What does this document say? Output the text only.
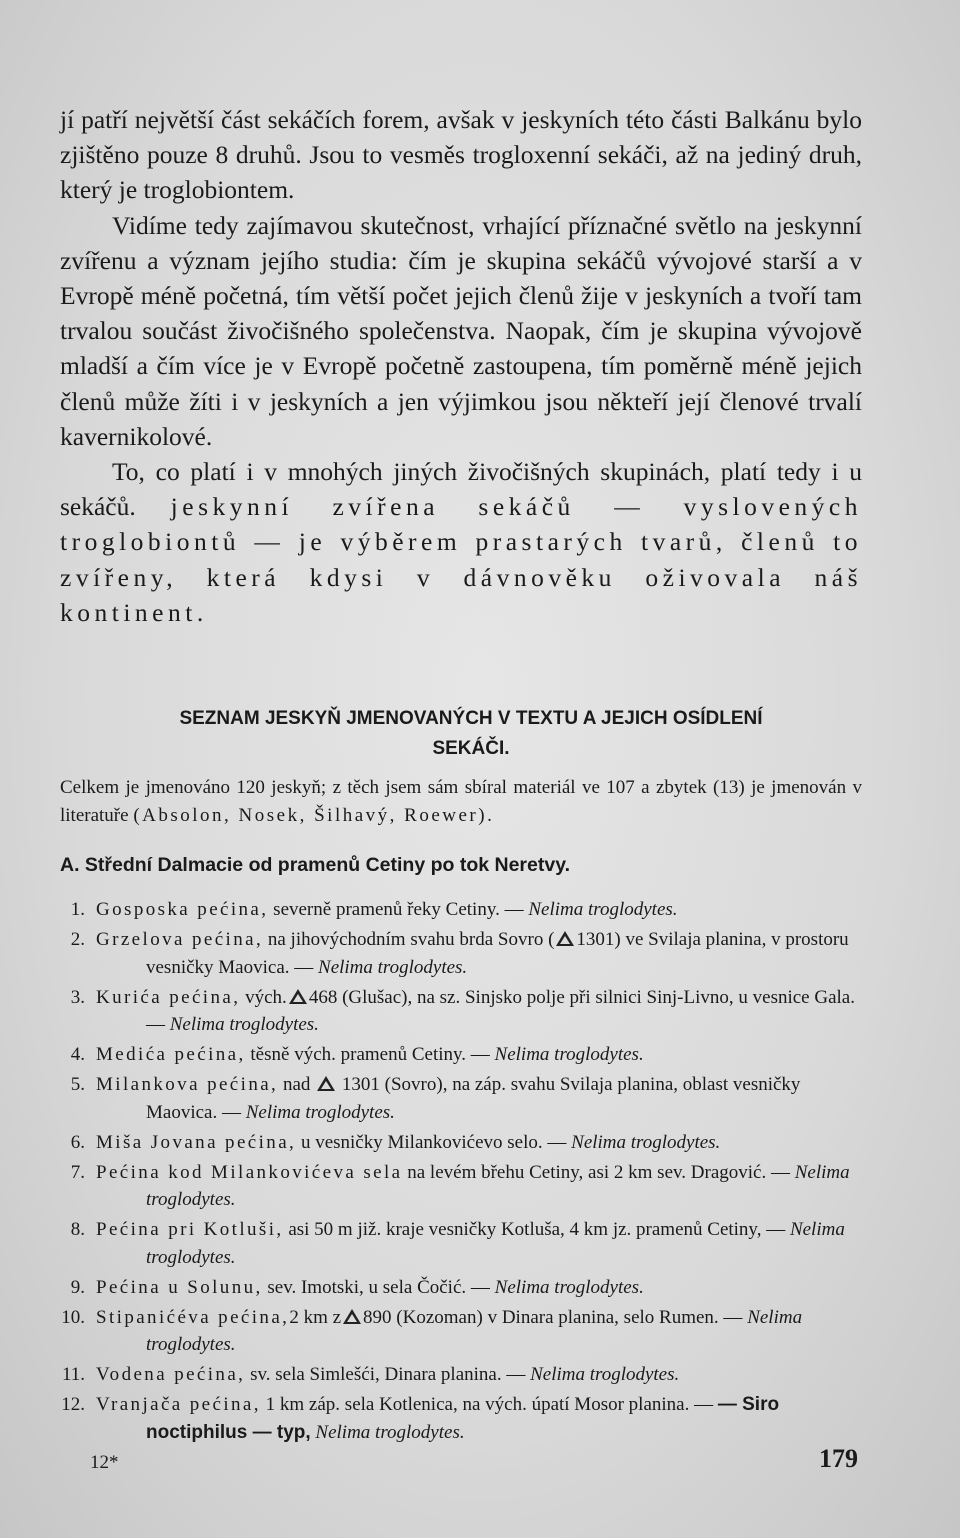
jí patří největší část sekáčích forem, avšak v jeskyních této části Balkánu bylo zjištěno pouze 8 druhů. Jsou to vesměs trogloxenní sekáči, až na jediný druh, který je troglobiontem.

Vidíme tedy zajímavou skutečnost, vrhající příznačné světlo na jeskynní zvířenu a význam jejího studia: čím je skupina sekáčů vývojové starší a v Evropě méně početná, tím větší počet jejich členů žije v jeskyních a tvoří tam trvalou součást živočišného společenstva. Naopak, čím je skupina vývojově mladší a čím více je v Evropě početně zastoupena, tím poměrně méně jejich členů může žíti i v jeskyních a jen výjimkou jsou někteří její členové trvalí kavernikolové.

To, co platí i v mnohých jiných živočišných skupinách, platí tedy i u sekáčů. jeskynní zvířena sekáčů — vyslovených troglobiontů — je výběrem prastarých tvarů, členů to zvířeny, která kdysi v dávnověku oživovala náš kontinent.

SEZNAM JESKYŇ JMENOVANÝCH V TEXTU A JEJICH OSÍDLENÍ
SEKÁČI.
Celkem je jmenováno 120 jeskyň; z těch jsem sám sbíral materiál ve 107 a zbytek (13) je jmenován v literatuře (Absolon, Nosek, Šilhavý, Roewer).
A. Střední Dalmacie od pramenů Cetiny po tok Neretvy.
1. Gosposka pećina, severně pramenů řeky Cetiny. — Nelima troglodytes.
2. Grzelova pećina, na jihovýchodním svahu brda Sovro ( 1301) ve Svilaja planina, v prostoru vesničky Maovica. — Nelima troglodytes.
3. Kurića pećina, vých. 468 (Glušac), na sz. Sinjsko polje při silnici Sinj-Livno, u vesnice Gala. — Nelima troglodytes.
4. Medića pećina, těsně vých. pramenů Cetiny. — Nelima troglodytes.
5. Milankova pećina, nad 1301 (Sovro), na záp. svahu Svilaja planina, oblast vesničky Maovica. — Nelima troglodytes.
6. Miša Jovana pećina, u vesničky Milankovićevo selo. — Nelima troglodytes.
7. Pećina kod Milankovićeva sela na levém břehu Cetiny, asi 2 km sev. Dragović. — Nelima troglodytes.
8. Pećina pri Kotluši, asi 50 m již. kraje vesničky Kotluša, 4 km jz. pramenů Cetiny, — Nelima troglodytes.
9. Pećina u Solunu, sev. Imotski, u sela Čočić. — Nelima troglodytes.
10. Stipanićéva pećina,2 km z 890 (Kozoman) v Dinara planina, selo Rumen. — Nelima troglodytes.
11. Vodena pećina, sv. sela Simlešći, Dinara planina. — Nelima troglodytes.
12. Vranjača pećina, 1 km záp. sela Kotlenica, na vých. úpatí Mosor planina. — — Siro noctiphilus — typ, Nelima troglodytes.
12*	179
